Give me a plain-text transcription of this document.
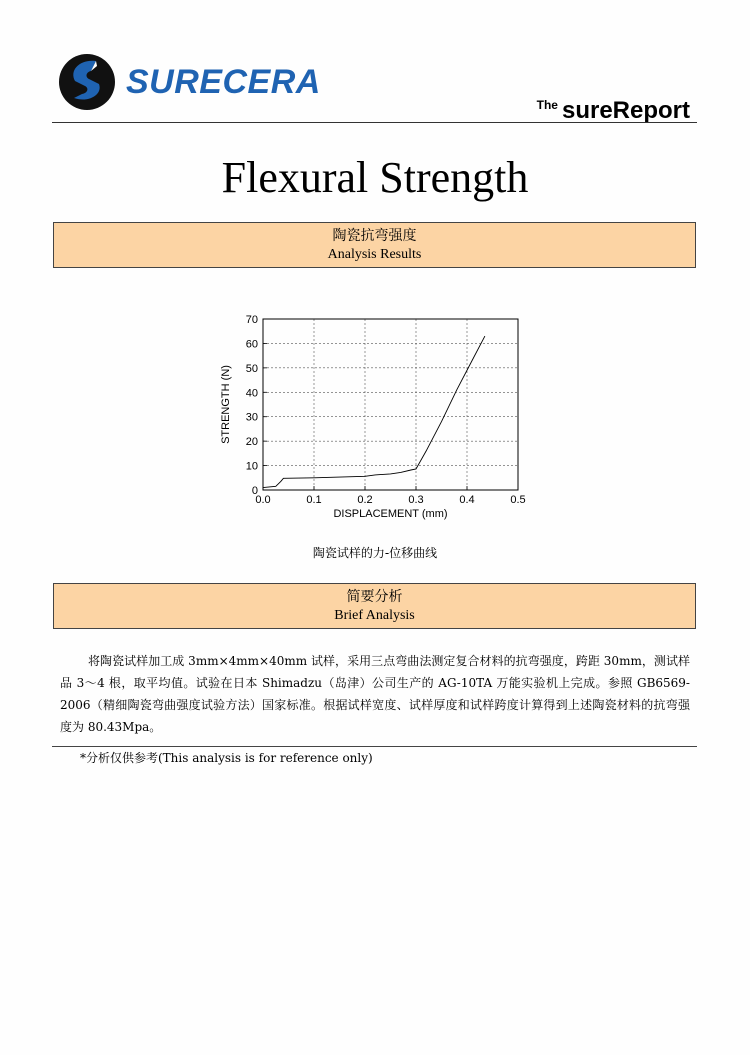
SURECERA
$^{The}$ sureReport
Flexural Strength
陶瓷抗弯强度
Analysis Results
0.0	0.1	0.2	0.3	0.4	0.5
0
10
20
30
40
50
60
70
DISPLACEMENT (mm)
STRENGTH (N)
陶瓷试样的力-位移曲线
简要分析
Brief Analysis
将陶瓷试样加工成 3mm×4mm×40mm 试样，采用三点弯曲法测定复合材料的抗弯强度，跨距 30mm，测试样品 3～4 根，取平均值。试验在日本 Shimadzu（岛津）公司生产的 AG-10TA 万能实验机上完成。参照 GB6569-2006（精细陶瓷弯曲强度试验方法）国家标准。根据试样宽度、试样厚度和试样跨度计算得到上述陶瓷材料的抗弯强度为 80.43Mpa。
*分析仅供参考(This analysis is for reference only)
